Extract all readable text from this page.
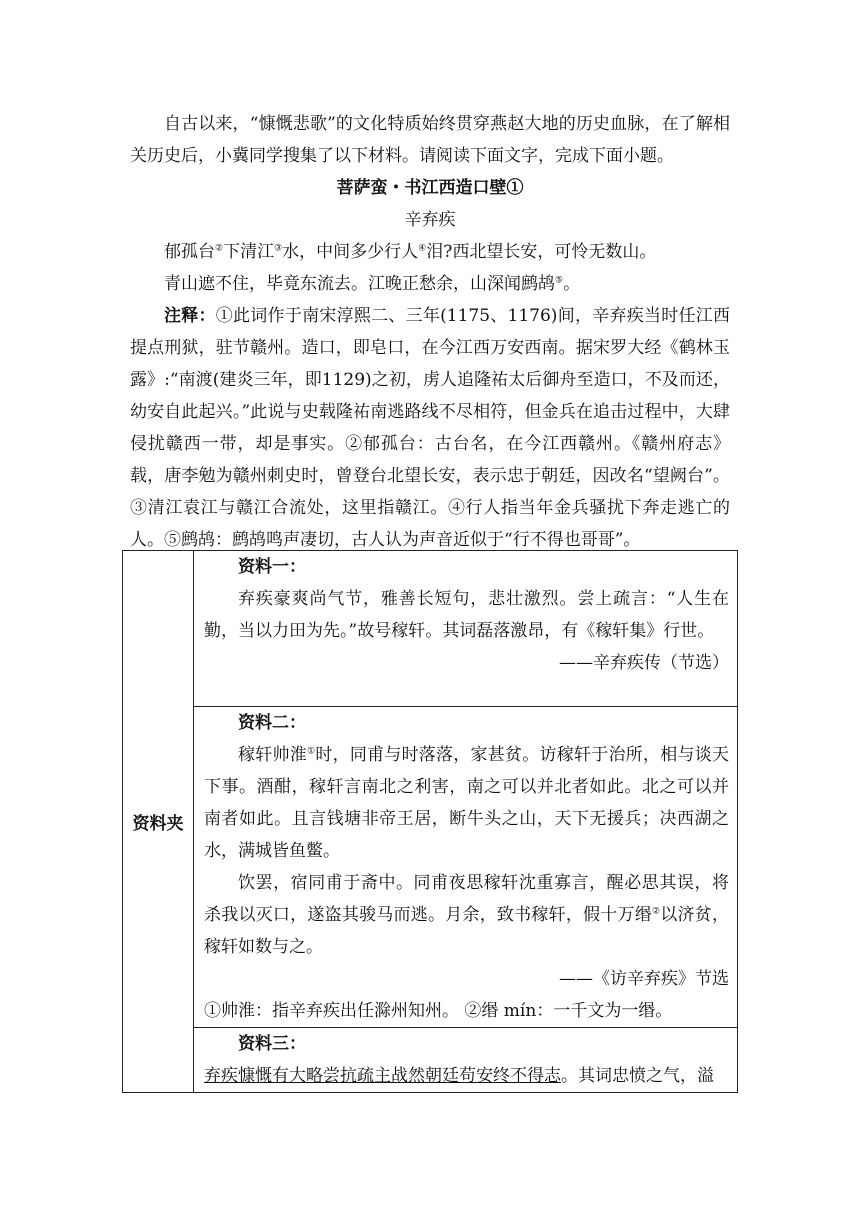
自古以来，“慷慨悲歌”的文化特质始终贯穿燕赵大地的历史血脉，在了解相关历史后，小冀同学搜集了以下材料。请阅读下面文字，完成下面小题。

菩萨蛮・书江西造口壁①

辛弃疾

郁孤台②下清江③水，中间多少行人④泪?西北望长安，可怜无数山。

青山遮不住，毕竟东流去。江晚正愁余，山深闻鹧鸪⑤。

注释：①此词作于南宋淳熙二、三年(1175、1176)间，辛弃疾当时任江西提点刑狱，驻节赣州。造口，即皂口，在今江西万安西南。据宋罗大经《鹤林玉露》:“南渡(建炎三年，即1129)之初，虏人追隆祐太后御舟至造口，不及而还，幼安自此起兴。”此说与史载隆祐南逃路线不尽相符，但金兵在追击过程中，大肆侵扰赣西一带，却是事实。②郁孤台：古台名，在今江西赣州。《赣州府志》载，唐李勉为赣州刺史时，曾登台北望长安，表示忠于朝廷，因改名“望阙台”。③清江袁江与赣江合流处，这里指赣江。④行人指当年金兵骚扰下奔走逃亡的人。⑤鹧鸪：鹧鸪鸣声凄切，古人认为声音近似于“行不得也哥哥”。

资料夹	

资料一：

弃疾豪爽尚气节，雅善长短句，悲壮激烈。尝上疏言：“人生在勤，当以力田为先。”故号稼轩。其词磊落激昂，有《稼轩集》行世。

——辛弃疾传（节选）

资料二：

稼轩帅淮①时，同甫与时落落，家甚贫。访稼轩于治所，相与谈天下事。酒酣，稼轩言南北之利害，南之可以并北者如此。北之可以并南者如此。且言钱塘非帝王居，断牛头之山，天下无援兵；决西湖之水，满城皆鱼鳖。

饮罢，宿同甫于斋中。同甫夜思稼轩沈重寡言，醒必思其误，将杀我以灭口，遂盗其骏马而逃。月余，致书稼轩，假十万缗②以济贫，稼轩如数与之。

——《访辛弃疾》节选

①帅淮：指辛弃疾出任滁州知州。 ②缗 mín：一千文为一缗。

资料三：

弃疾慷慨有大略尝抗疏主战然朝廷苟安终不得志。其词忠愤之气，溢
